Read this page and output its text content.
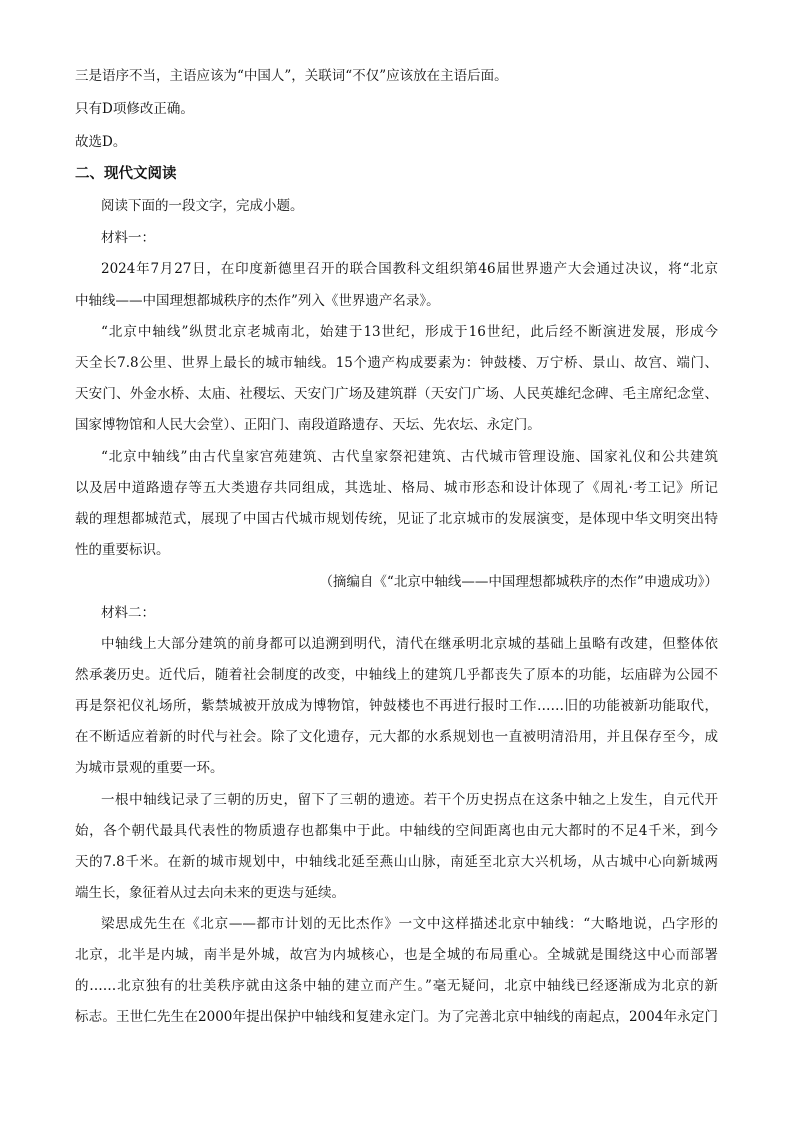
三是语序不当，主语应该为“中国人”，关联词“不仅”应该放在主语后面。
只有D项修改正确。
故选D。
二、现代文阅读
阅读下面的一段文字，完成小题。
材料一：
2024年7月27日，在印度新德里召开的联合国教科文组织第46届世界遗产大会通过决议，将“北京
中轴线——中国理想都城秩序的杰作”列入《世界遗产名录》。
“北京中轴线”纵贯北京老城南北，始建于13世纪，形成于16世纪，此后经不断演进发展，形成今
天全长7.8公里、世界上最长的城市轴线。15个遗产构成要素为：钟鼓楼、万宁桥、景山、故宫、端门、
天安门、外金水桥、太庙、社稷坛、天安门广场及建筑群（天安门广场、人民英雄纪念碑、毛主席纪念堂、
国家博物馆和人民大会堂）、正阳门、南段道路遗存、天坛、先农坛、永定门。
“北京中轴线”由古代皇家宫苑建筑、古代皇家祭祀建筑、古代城市管理设施、国家礼仪和公共建筑
以及居中道路遗存等五大类遗存共同组成，其选址、格局、城市形态和设计体现了《周礼·考工记》所记
载的理想都城范式，展现了中国古代城市规划传统，见证了北京城市的发展演变，是体现中华文明突出特
性的重要标识。
（摘编自《“北京中轴线——中国理想都城秩序的杰作”申遗成功》）
材料二：
中轴线上大部分建筑的前身都可以追溯到明代，清代在继承明北京城的基础上虽略有改建，但整体依
然承袭历史。近代后，随着社会制度的改变，中轴线上的建筑几乎都丧失了原本的功能，坛庙辟为公园不
再是祭祀仪礼场所，紫禁城被开放成为博物馆，钟鼓楼也不再进行报时工作……旧的功能被新功能取代，
在不断适应着新的时代与社会。除了文化遗存，元大都的水系规划也一直被明清沿用，并且保存至今，成
为城市景观的重要一环。
一根中轴线记录了三朝的历史，留下了三朝的遗迹。若干个历史拐点在这条中轴之上发生，自元代开
始，各个朝代最具代表性的物质遗存也都集中于此。中轴线的空间距离也由元大都时的不足4千米，到今
天的7.8千米。在新的城市规划中，中轴线北延至燕山山脉，南延至北京大兴机场，从古城中心向新城两
端生长，象征着从过去向未来的更迭与延续。
梁思成先生在《北京——都市计划的无比杰作》一文中这样描述北京中轴线：“大略地说，凸字形的
北京，北半是内城，南半是外城，故宫为内城核心，也是全城的布局重心。全城就是围绕这中心而部署
的……北京独有的壮美秩序就由这条中轴的建立而产生。”毫无疑问，北京中轴线已经逐渐成为北京的新
标志。王世仁先生在2000年提出保护中轴线和复建永定门。为了完善北京中轴线的南起点，2004年永定门
